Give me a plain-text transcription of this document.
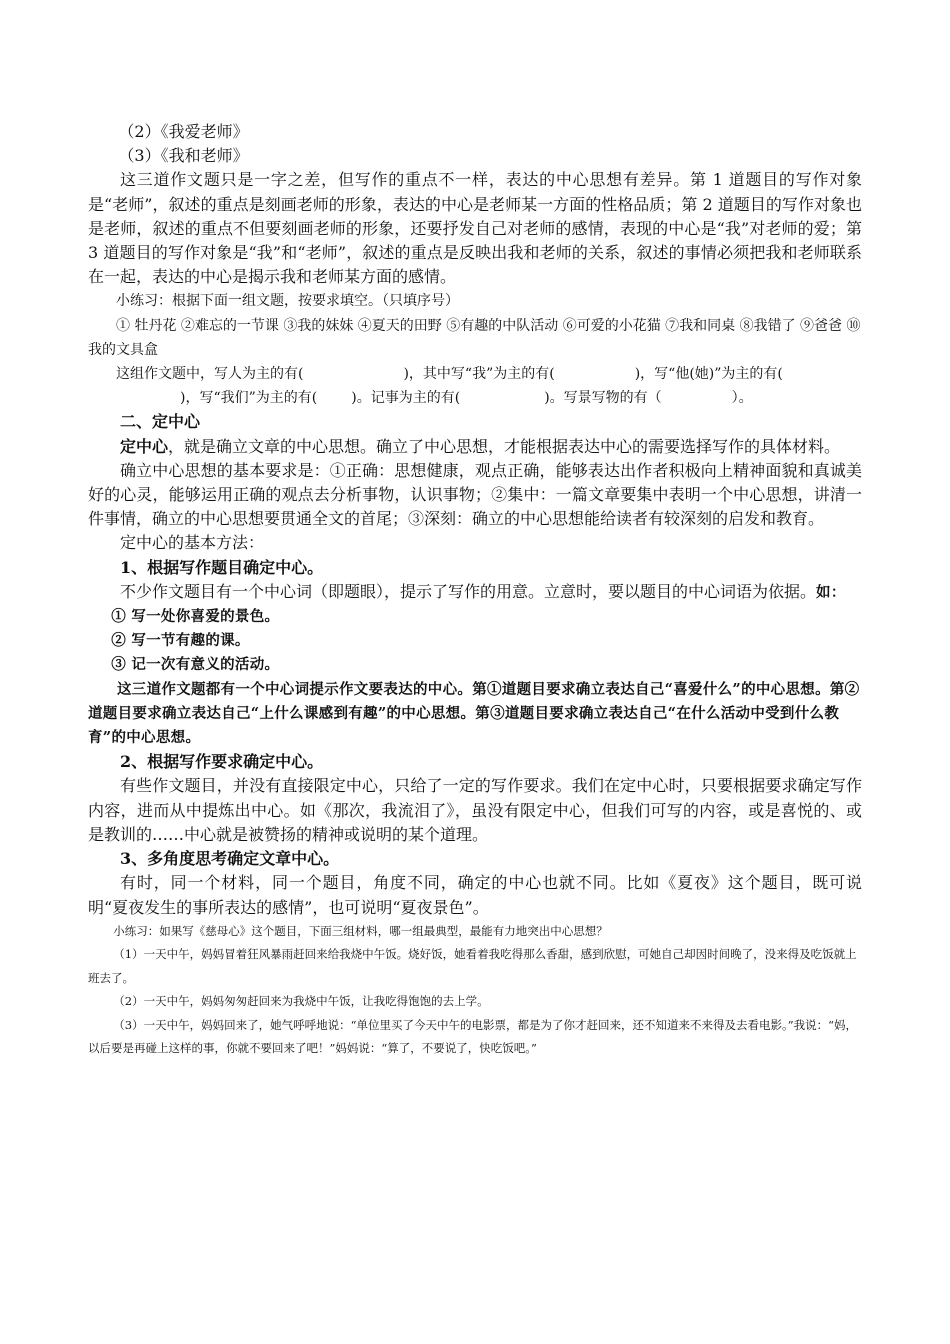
（2）《我爱老师》

（3）《我和老师》

这三道作文题只是一字之差，但写作的重点不一样，表达的中心思想有差异。第 1 道题目的写作对象是“老师”，叙述的重点是刻画老师的形象，表达的中心是老师某一方面的性格品质；第 2 道题目的写作对象也是老师，叙述的重点不但要刻画老师的形象，还要抒发自己对老师的感情，表现的中心是“我”对老师的爱；第 3 道题目的写作对象是“我”和“老师”，叙述的重点是反映出我和老师的关系，叙述的事情必须把我和老师联系在一起，表达的中心是揭示我和老师某方面的感情。

小练习：根据下面一组文题，按要求填空。（只填序号）

① 牡丹花 ②难忘的一节课 ③我的妹妹 ④夏天的田野 ⑤有趣的中队活动 ⑥可爱的小花猫 ⑦我和同桌 ⑧我错了 ⑨爸爸 ⑩我的文具盒

这组作文题中，写人为主的有(	)，其中写“我”为主的有(	)，写“他(她)”为主的有()，写“我们”为主的有( )。记事为主的有(	)。写景写物的有（	）。

二、定中心

定中心，就是确立文章的中心思想。确立了中心思想，才能根据表达中心的需要选择写作的具体材料。

确立中心思想的基本要求是：①正确：思想健康，观点正确，能够表达出作者积极向上精神面貌和真诚美好的心灵，能够运用正确的观点去分析事物，认识事物；②集中：一篇文章要集中表明一个中心思想，讲清一件事情，确立的中心思想要贯通全文的首尾；③深刻：确立的中心思想能给读者有较深刻的启发和教育。

定中心的基本方法：

1、根据写作题目确定中心。

不少作文题目有一个中心词（即题眼），提示了写作的用意。立意时，要以题目的中心词语为依据。如：

① 写一处你喜爱的景色。

② 写一节有趣的课。

③ 记一次有意义的活动。

这三道作文题都有一个中心词提示作文要表达的中心。第①道题目要求确立表达自己“喜爱什么”的中心思想。第②道题目要求确立表达自己“上什么课感到有趣”的中心思想。第③道题目要求确立表达自己“在什么活动中受到什么教育”的中心思想。

2、根据写作要求确定中心。

有些作文题目，并没有直接限定中心，只给了一定的写作要求。我们在定中心时，只要根据要求确定写作内容，进而从中提炼出中心。如《那次，我流泪了》，虽没有限定中心，但我们可写的内容，或是喜悦的、或是教训的……中心就是被赞扬的精神或说明的某个道理。

3、多角度思考确定文章中心。

有时，同一个材料，同一个题目，角度不同，确定的中心也就不同。比如《夏夜》这个题目，既可说明“夏夜发生的事所表达的感情”，也可说明“夏夜景色”。

小练习：如果写《慈母心》这个题目，下面三组材料，哪一组最典型，最能有力地突出中心思想？

（1）一天中午，妈妈冒着狂风暴雨赶回来给我烧中午饭。烧好饭，她看着我吃得那么香甜，感到欣慰，可她自己却因时间晚了，没来得及吃饭就上班去了。

（2）一天中午，妈妈匆匆赶回来为我烧中午饭，让我吃得饱饱的去上学。

（3）一天中午，妈妈回来了，她气呼呼地说：“单位里买了今天中午的电影票，都是为了你才赶回来，还不知道来不来得及去看电影。”我说：“妈，以后要是再碰上这样的事，你就不要回来了吧！”妈妈说：“算了，不要说了，快吃饭吧。”
